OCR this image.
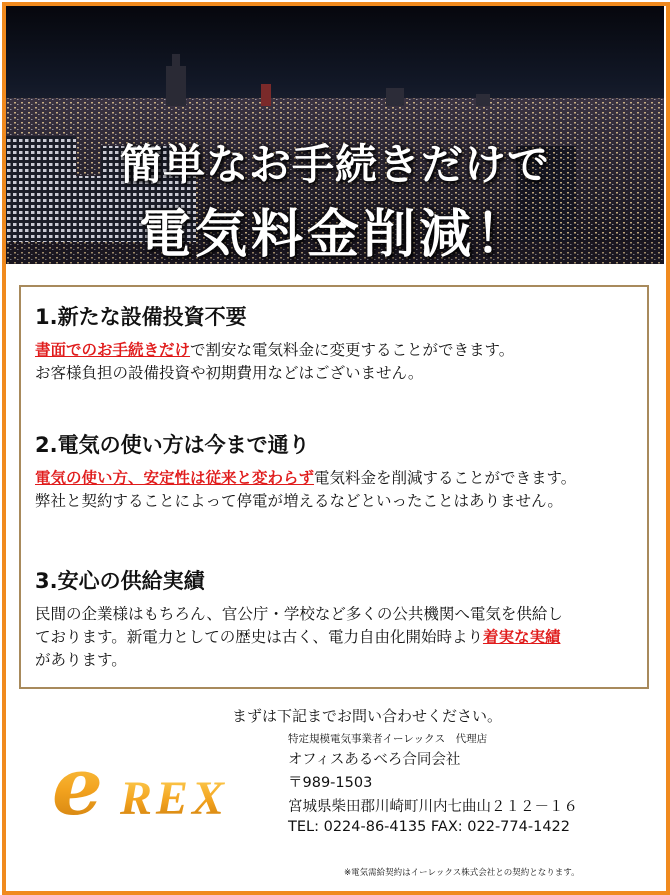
簡単なお手続きだけで
電気料金削減！
1.新たな設備投資不要
書面でのお手続きだけで割安な電気料金に変更することができます。
お客様負担の設備投資や初期費用などはございません。
2.電気の使い方は今まで通り
電気の使い方、安定性は従来と変わらず電気料金を削減することができます。
弊社と契約することによって停電が増えるなどといったことはありません。
3.安心の供給実績
民間の企業様はもちろん、官公庁・学校など多くの公共機関へ電気を供給し
ております。新電力としての歴史は古く、電力自由化開始時より着実な実績
があります。
まずは下記までお問い合わせください。
e REX
特定規模電気事業者イーレックス　代理店
オフィスあるべろ合同会社
〒989-1503
宮城県柴田郡川崎町川内七曲山２１２－１６
TEL: 0224-86-4135 FAX: 022-774-1422
※電気需給契約はイーレックス株式会社との契約となります。
